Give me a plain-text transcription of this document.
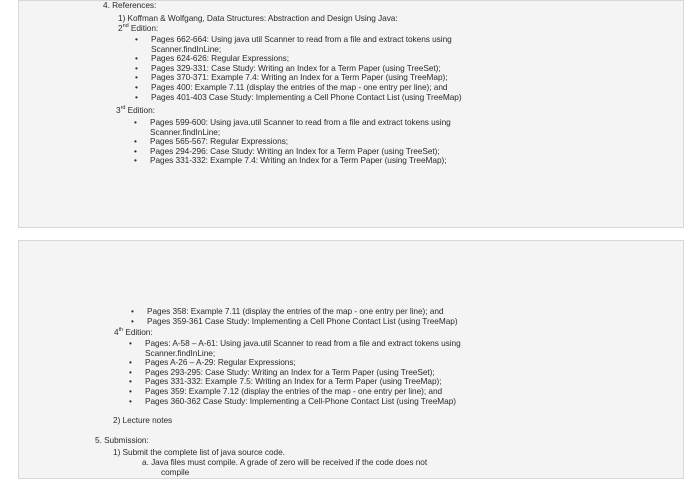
4. References:
1) Koffman & Wolfgang, Data Structures: Abstraction and Design Using Java:
2nd Edition:
• Pages 662-664: Using java util Scanner to read from a file and extract tokens using
Scanner.findInLine;
• Pages 624-626: Regular Expressions;
• Pages 329-331: Case Study: Writing an Index for a Term Paper (using TreeSet);
• Pages 370-371: Example 7.4: Writing an Index for a Term Paper (using TreeMap);
• Pages 400: Example 7.11 (display the entries of the map - one entry per line); and
• Pages 401-403 Case Study: Implementing a Cell Phone Contact List (using TreeMap)
3rd Edition:
• Pages 599-600: Using java.util Scanner to read from a file and extract tokens using
Scanner.findInLine;
• Pages 565-567: Regular Expressions;
• Pages 294-296: Case Study: Writing an Index for a Term Paper (using TreeSet);
• Pages 331-332: Example 7.4: Writing an Index for a Term Paper (using TreeMap);
• Pages 358: Example 7.11 (display the entries of the map - one entry per line); and
• Pages 359-361 Case Study: Implementing a Cell Phone Contact List (using TreeMap)
4th Edition:
• Pages: A-58 – A-61: Using java.util Scanner to read from a file and extract tokens using
Scanner.findInLine;
• Pages A-26 – A-29: Regular Expressions;
• Pages 293-295: Case Study: Writing an Index for a Term Paper (using TreeSet);
• Pages 331-332: Example 7.5: Writing an Index for a Term Paper (using TreeMap);
• Pages 359: Example 7.12 (display the entries of the map - one entry per line); and
• Pages 360-362 Case Study: Implementing a Cell-Phone Contact List (using TreeMap)
2) Lecture notes
5. Submission:
1) Submit the complete list of java source code.
a. Java files must compile. A grade of zero will be received if the code does not
compile
